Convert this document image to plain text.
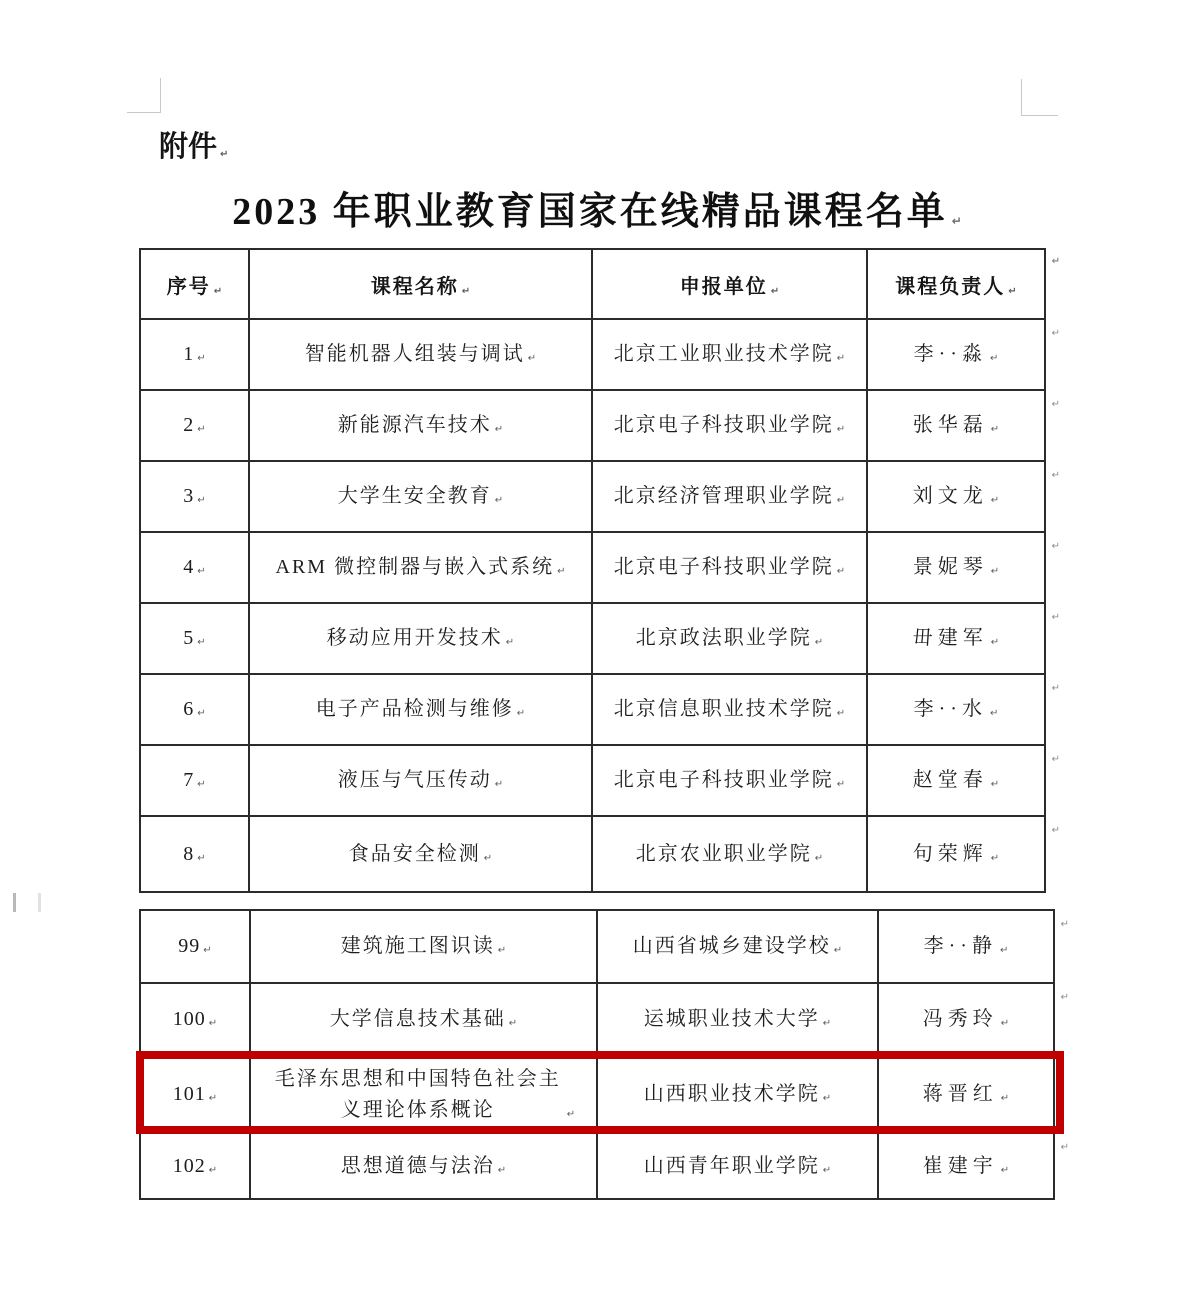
附件 ↵
2023 年职业教育国家在线精品课程名单 ↵
序号 ↵	课程名称 ↵	申报单位 ↵	课程负责人 ↵
↵

1 ↵	智能机器人组装与调试 ↵	北京工业职业技术学院 ↵	李··淼 ↵
↵

2 ↵	新能源汽车技术 ↵	北京电子科技职业学院 ↵	张华磊 ↵
↵

3 ↵	大学生安全教育 ↵	北京经济管理职业学院 ↵	刘文龙 ↵
↵

4 ↵	ARM 微控制器与嵌入式系统 ↵	北京电子科技职业学院 ↵	景妮琴 ↵
↵

5 ↵	移动应用开发技术 ↵	北京政法职业学院 ↵	毌建军 ↵
↵

6 ↵	电子产品检测与维修 ↵	北京信息职业技术学院 ↵	李··水 ↵
↵

7 ↵	液压与气压传动 ↵	北京电子科技职业学院 ↵	赵堂春 ↵
↵

8 ↵	食品安全检测 ↵	北京农业职业学院 ↵	句荣辉 ↵
↵
99 ↵	建筑施工图识读 ↵	山西省城乡建设学校 ↵	李··静 ↵
↵

100 ↵	大学信息技术基础 ↵	运城职业技术大学 ↵	冯秀玲 ↵
↵

101 ↵	毛泽东思想和中国特色社会主义理论体系概论 ↵	山西职业技术学院 ↵	蒋晋红 ↵
102 ↵	思想道德与法治 ↵	山西青年职业学院 ↵	崔建宇 ↵
↵
